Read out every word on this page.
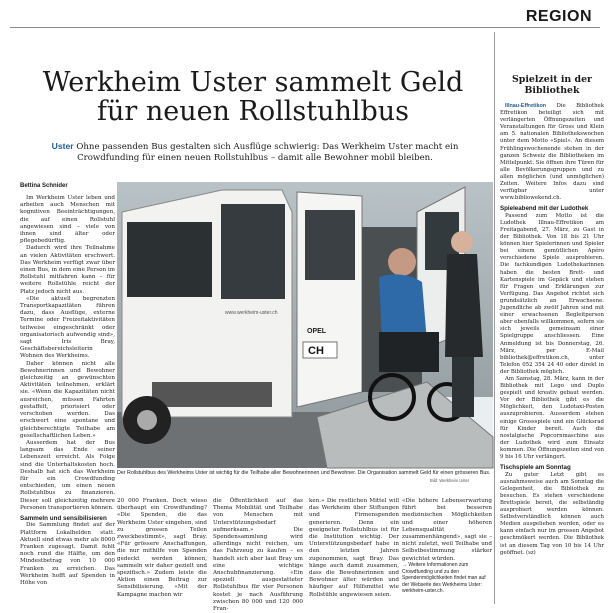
REGION
Werkheim Uster sammelt Geld
für neuen Rollstuhlbus

Uster Ohne passenden Bus gestalten sich Ausflüge schwierig: Das Werkheim Uster macht ein Crowdfunding für einen neuen Rollstuhlbus – damit alle Bewohner mobil bleiben.

Bettina Schnider

Im Werkheim Uster leben und arbeiten auch Menschen mit kognitiven Beeinträchtigungen, die auf einen Rollstuhl angewiesen sind – viele von ihnen sind älter oder pflegebedürftig.

Dadurch wird ihre Teilnahme an vielen Aktivitäten erschwert. Das Werkheim verfügt zwar über einen Bus, in dem eine Person im Rollstuhl mitfahren kann – für weitere Rollstühle reicht der Platz jedoch nicht aus.

«Die aktuell begrenzten Transportkapazitäten führen dazu, dass Ausflüge, externe Termine oder Freizeitaktivitäten teilweise eingeschränkt oder organisatorisch aufwendig sind», sagt Iris Bray, Geschäftsbereichsleiterin Wohnen des Werkheims.

Daher können nicht alle Bewohnerinnen und Bewohner gleichzeitig an gewünschten Aktivitäten teilnehmen, erklärt sie. «Wenn die Kapazitäten nicht ausreichen, müssen Fahrten gestaffelt, priorisiert oder verschoben werden. Das erschwert eine spontane und gleichberechtigte Teilhabe am gesellschaftlichen Leben.»

Ausserdem hat der Bus langsam das Ende seiner Lebenszeit erreicht. Als Folge sind die Unterhaltskosten hoch. Deshalb hat sich das Werkheim für ein Crowdfunding entschieden, um einen neuen Rollstuhlbus zu finanzieren. Dieser soll gleichzeitig mehrere Personen transportieren können.

Sammeln und sensibilisieren

Die Sammlung findet auf der Plattform Lokalhelden statt. Aktuell sind etwas mehr als 8000 Franken zugesagt. Damit fehlt noch rund die Hälfte, um den Mindestbetrag von 10 000 Franken zu erreichen. Das Werkheim hofft auf Spenden in Höhe von

CH
OPEL
www.werkheim-uster.ch
Der Rollstuhlbus des Werkheims Uster ist wichtig für die Teilhabe aller Bewohnerinnen und Bewohner. Die Organisation sammelt Geld für einen grösseren Bus.
Bild: Werkheim Uster
20 000 Franken. Doch wieso überhaupt ein Crowdfunding? «Die Spenden, die das Werkheim Uster eingehen, sind zu grossen Teilen zweckbestimmt», sagt Bray. «Für grössere Anschaffungen, die nur mithilfe von Spenden gedeckt werden können, sammeln wir daher gezielt und spezifisch.» Zudem leiste die Aktion einen Beitrag zur Sensibilisierung. «Mit der Kampagne machen wir
die Öffentlichkeit auf das Thema Mobilität und Teilhabe von Menschen mit Unterstützungsbedarf aufmerksam.» Die Spendensammlung wird allerdings nicht reichen, um das Fahrzeug zu kaufen – es handelt sich aber laut Bray um eine wichtige Anschubfinanzierung. «Ein speziell ausgestatteter Rollstuhlbus für vier Personen kostet je nach Ausführung zwischen 80 000 und 120 000 Fran-
ken.» Die restlichen Mittel will das Werkheim über Stiftungen und Firmenspenden generieren. Denn ein geeigneter Rollstuhlbus ist für die Institution wichtig. Der Unterstützungsbedarf habe in den letzten Jahren zugenommen, sagt Bray. Das hänge auch damit zusammen, dass die Bewohnerinnen und Bewohner älter würden und häufiger auf Hilfsmittel wie Rollstühle angewiesen seien.
«Die höhere Lebenserwartung führt bei besseren medizinischen Möglichkeiten und einer höheren Lebensqualität zusammenhängend», sagt sie – nicht zuletzt, weil Teilhabe und Selbstbestimmung stärker gewichtet würden.
→ Weitere Informationen zum Crowdfunding und zu den Spendenmöglichkeiten findet man auf der Webseite des Werkheims Uster: werkheim-uster.ch.
Spielzeit in der
Bibliothek

Illnau-Effretikon Die Bibliothek Effretikon beteiligt sich mit verlängerten Öffnungszeiten und Veranstaltungen für Gross und Klein am 5. nationalen Bibliothekswochen unter dem Motto «Spiel». An diesem Frühlingswochenende stehen in der ganzen Schweiz die Bibliotheken im Mittelpunkt. Sie öffnen ihre Türen für alle Bevölkerungsgruppen und zu allen möglichen (und unmöglichen) Zeiten. Weitere Infos dazu sind verfügbar unter www.bibliowekend.ch.

Spieleabend mit der Ludothek

Passend zum Motto ist die Ludothek Illnau-Effretikon am Freitagabend, 27. März, zu Gast in der Bibliothek. Von 18 bis 21 Uhr können hier Spielerinnen und Spieler bei einem gemütlichen Apéro verschiedene Spiele ausprobieren. Die fachkundigen Ludothekarinnen haben die besten Brett- und Kartenspiele im Gepäck und stehen für Fragen und Erklärungen zur Verfügung. Das Angebot richtet sich grundsätzlich an Erwachsene. Jugendliche ab zwölf Jahren sind mit einer erwachsenen Begleitperson aber ebenfalls willkommen, sofern sie sich jeweils gemeinsam einer Spielgruppe anschliessen. Eine Anmeldung ist bis Donnerstag, 26. März, per E-Mail bibliothek@effretikon.ch, unter Telefon 052 354 24 40 oder direkt in der Bibliothek möglich.

Am Samstag, 28. März, kann in der Bibliothek mit Lego und Duplo gespielt und kreativ gebaut werden. Vor der Bibliothek gibt es die Möglichkeit, den Ludotaxi-Posten auszuprobieren. Ausserdem stehen einige Grossspiele und ein Glücksrad für Kinder bereit. Auch die nostalgische Popcornmaschine aus der Ludothek wird zum Einsatz kommen. Die Öffnungszeiten sind von 9 bis 16 Uhr verlängert.

Tischspiele am Sonntag

Zu guter Letzt gibt es ausnahmsweise auch am Sonntag die Gelegenheit, die Bibliothek zu besuchen. Es stehen verschiedene Brettspiele bereit, die selbständig ausprobiert werden können. Selbstverständlich können auch Medien ausgeliehen werden, oder es kann einfach nur im grossen Angebot geschmökert werden. Die Bibliothek ist an diesem Tag von 10 bis 14 Uhr geöffnet. (sz)
